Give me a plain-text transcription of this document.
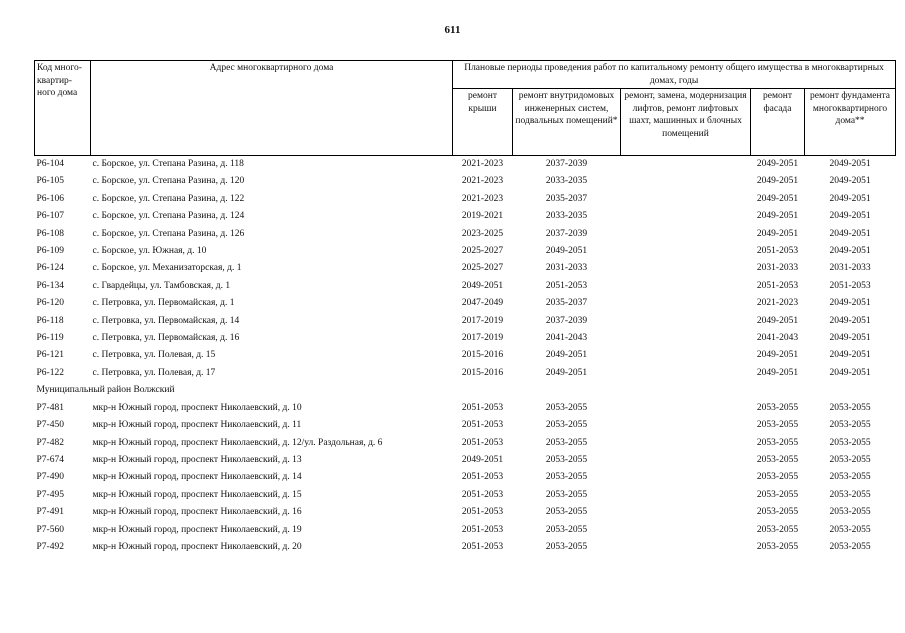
611
Код много-квартир-ного дома	Адрес многоквартирного дома	Плановые периоды проведения работ по капитальному ремонту общего имущества в многоквартирных домах, годы				
		ремонт крыши	ремонт внутридомовых инженерных систем, подвальных помещений*	ремонт, замена, модернизация лифтов, ремонт лифтовых шахт, машинных и блочных помещений	ремонт фасада	ремонт фундамента многоквартирного дома**
Р6-104	с. Борское, ул. Степана Разина, д. 118	2021-2023	2037-2039		2049-2051	2049-2051
Р6-105	с. Борское, ул. Степана Разина, д. 120	2021-2023	2033-2035		2049-2051	2049-2051
Р6-106	с. Борское, ул. Степана Разина, д. 122	2021-2023	2035-2037		2049-2051	2049-2051
Р6-107	с. Борское, ул. Степана Разина, д. 124	2019-2021	2033-2035		2049-2051	2049-2051
Р6-108	с. Борское, ул. Степана Разина, д. 126	2023-2025	2037-2039		2049-2051	2049-2051
Р6-109	с. Борское, ул. Южная, д. 10	2025-2027	2049-2051		2051-2053	2049-2051
Р6-124	с. Борское, ул. Механизаторская, д. 1	2025-2027	2031-2033		2031-2033	2031-2033
Р6-134	с. Гвардейцы, ул. Тамбовская, д. 1	2049-2051	2051-2053		2051-2053	2051-2053
Р6-120	с. Петровка, ул. Первомайская, д. 1	2047-2049	2035-2037		2021-2023	2049-2051
Р6-118	с. Петровка, ул. Первомайская, д. 14	2017-2019	2037-2039		2049-2051	2049-2051
Р6-119	с. Петровка, ул. Первомайская, д. 16	2017-2019	2041-2043		2041-2043	2049-2051
Р6-121	с. Петровка, ул. Полевая, д. 15	2015-2016	2049-2051		2049-2051	2049-2051
Р6-122	с. Петровка, ул. Полевая, д. 17	2015-2016	2049-2051		2049-2051	2049-2051
Муниципальный район Волжский						
Р7-481	мкр-н Южный город, проспект Николаевский, д. 10	2051-2053	2053-2055		2053-2055	2053-2055
Р7-450	мкр-н Южный город, проспект Николаевский, д. 11	2051-2053	2053-2055		2053-2055	2053-2055
Р7-482	мкр-н Южный город, проспект Николаевский, д. 12/ул. Раздольная, д. 6	2051-2053	2053-2055		2053-2055	2053-2055
Р7-674	мкр-н Южный город, проспект Николаевский, д. 13	2049-2051	2053-2055		2053-2055	2053-2055
Р7-490	мкр-н Южный город, проспект Николаевский, д. 14	2051-2053	2053-2055		2053-2055	2053-2055
Р7-495	мкр-н Южный город, проспект Николаевский, д. 15	2051-2053	2053-2055		2053-2055	2053-2055
Р7-491	мкр-н Южный город, проспект Николаевский, д. 16	2051-2053	2053-2055		2053-2055	2053-2055
Р7-560	мкр-н Южный город, проспект Николаевский, д. 19	2051-2053	2053-2055		2053-2055	2053-2055
Р7-492	мкр-н Южный город, проспект Николаевский, д. 20	2051-2053	2053-2055		2053-2055	2053-2055
